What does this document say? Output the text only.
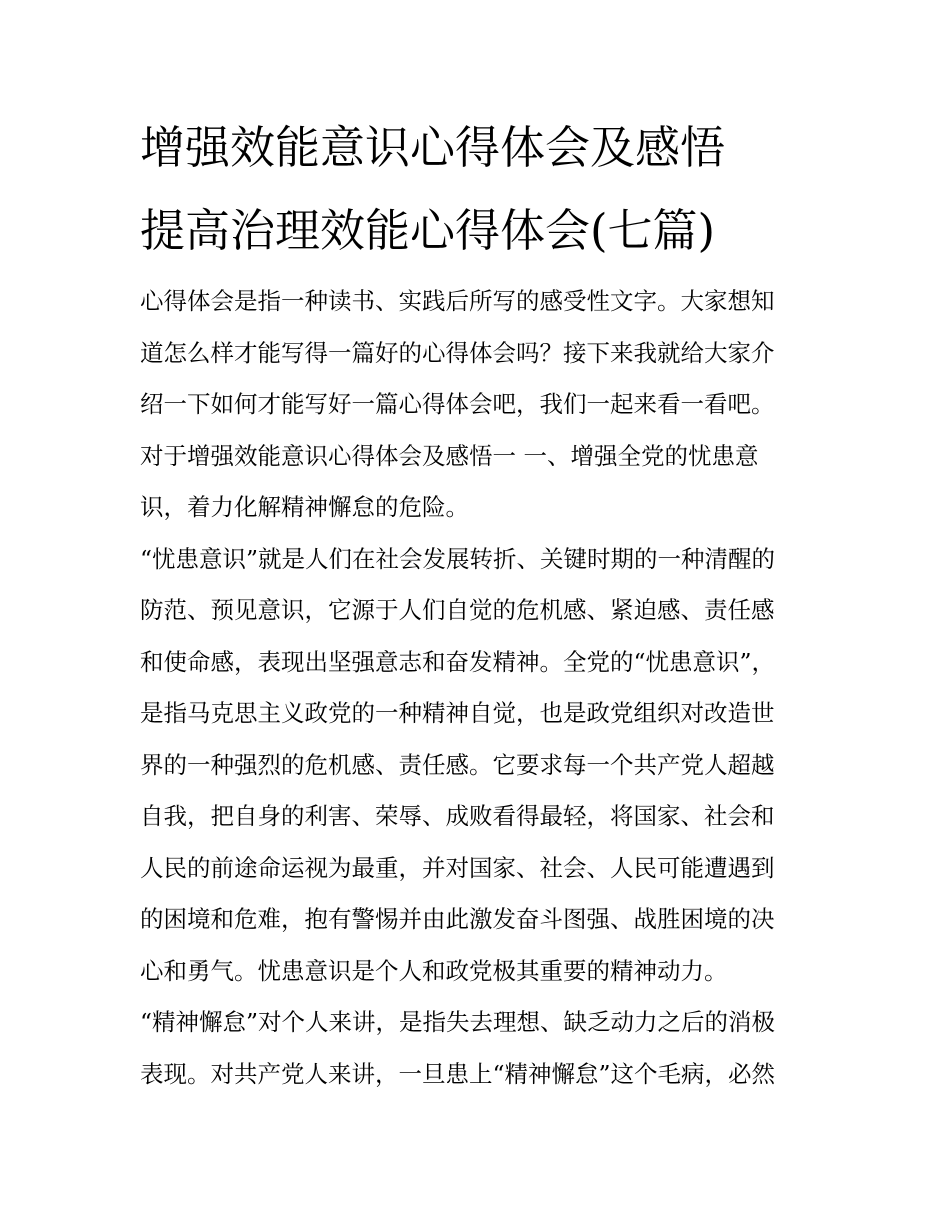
增强效能意识心得体会及感悟
提高治理效能心得体会(七篇)
心得体会是指一种读书、实践后所写的感受性文字。大家想知
道怎么样才能写得一篇好的心得体会吗？接下来我就给大家介
绍一下如何才能写好一篇心得体会吧，我们一起来看一看吧。
对于增强效能意识心得体会及感悟一 一、增强全党的忧患意
识，着力化解精神懈怠的危险。
“忧患意识”就是人们在社会发展转折、关键时期的一种清醒的
防范、预见意识，它源于人们自觉的危机感、紧迫感、责任感
和使命感，表现出坚强意志和奋发精神。全党的“忧患意识”，
是指马克思主义政党的一种精神自觉，也是政党组织对改造世
界的一种强烈的危机感、责任感。它要求每一个共产党人超越
自我，把自身的利害、荣辱、成败看得最轻，将国家、社会和
人民的前途命运视为最重，并对国家、社会、人民可能遭遇到
的困境和危难，抱有警惕并由此激发奋斗图强、战胜困境的决
心和勇气。忧患意识是个人和政党极其重要的精神动力。
“精神懈怠”对个人来讲，是指失去理想、缺乏动力之后的消极
表现。对共产党人来讲，一旦患上“精神懈怠”这个毛病，必然
